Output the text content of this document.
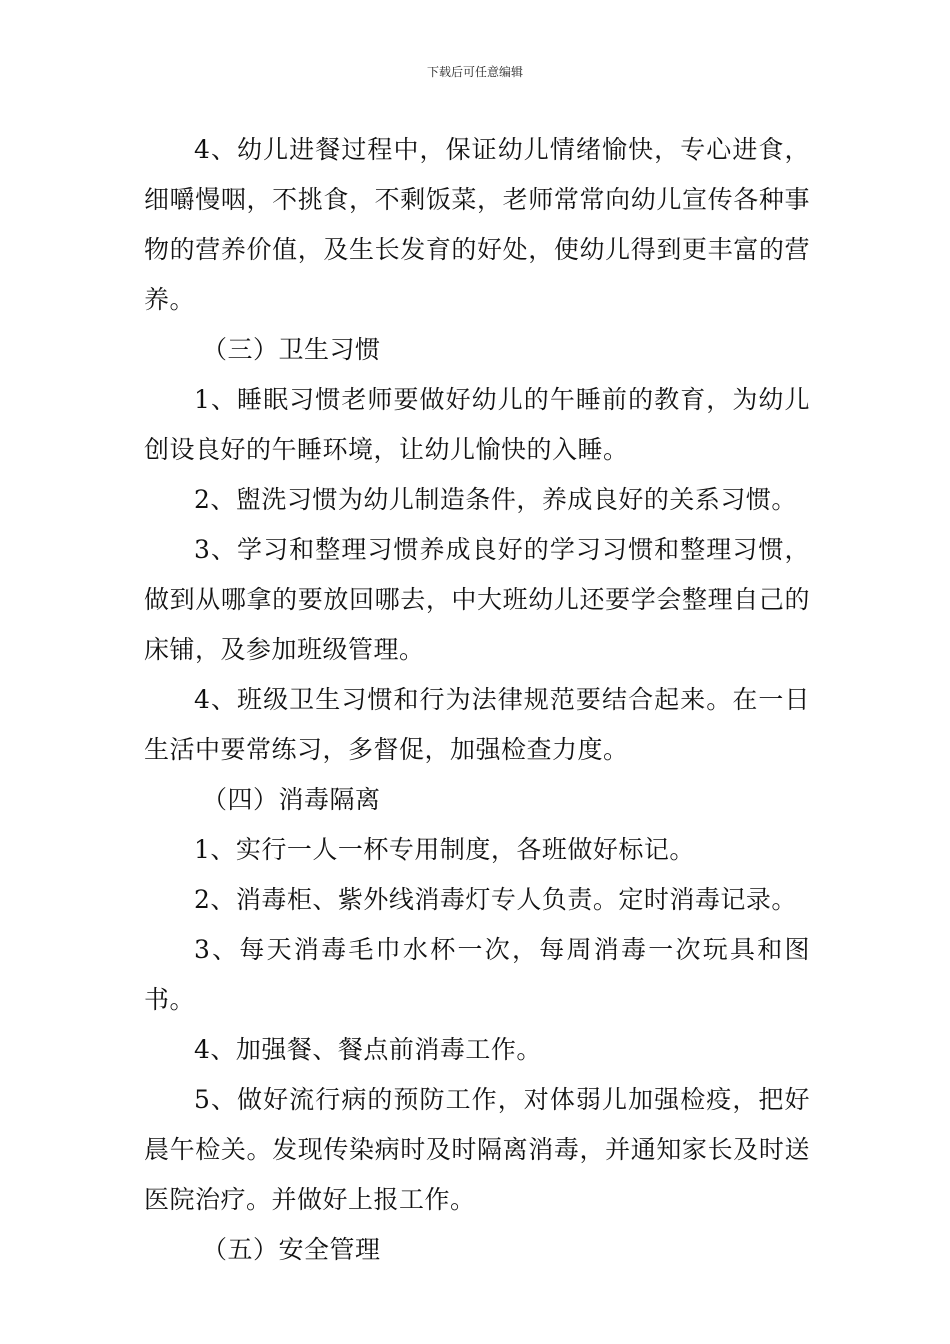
下载后可任意编辑

4、幼儿进餐过程中，保证幼儿情绪愉快，专心进食，细嚼慢咽，不挑食，不剩饭菜，老师常常向幼儿宣传各种事物的营养价值，及生长发育的好处，使幼儿得到更丰富的营养。

（三）卫生习惯

1、睡眠习惯老师要做好幼儿的午睡前的教育，为幼儿创设良好的午睡环境，让幼儿愉快的入睡。

2、盥洗习惯为幼儿制造条件，养成良好的关系习惯。

3、学习和整理习惯养成良好的学习习惯和整理习惯，做到从哪拿的要放回哪去，中大班幼儿还要学会整理自己的床铺，及参加班级管理。

4、班级卫生习惯和行为法律规范要结合起来。在一日生活中要常练习，多督促，加强检查力度。

（四）消毒隔离

1、实行一人一杯专用制度，各班做好标记。

2、消毒柜、紫外线消毒灯专人负责。定时消毒记录。

3、每天消毒毛巾水杯一次，每周消毒一次玩具和图书。

4、加强餐、餐点前消毒工作。

5、做好流行病的预防工作，对体弱儿加强检疫，把好晨午检关。发现传染病时及时隔离消毒，并通知家长及时送医院治疗。并做好上报工作。

（五）安全管理
